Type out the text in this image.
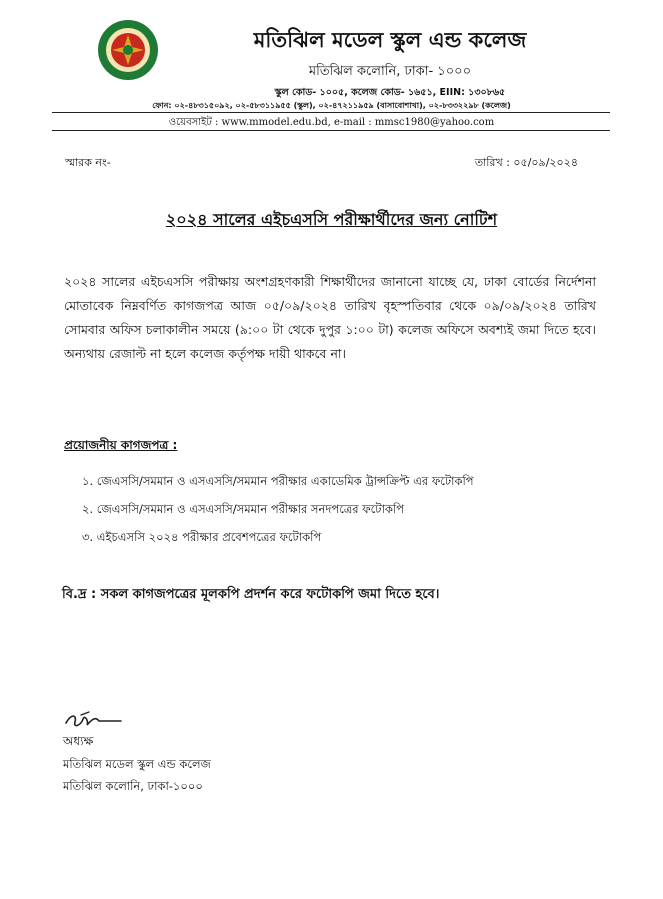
মতিঝিল মডেল স্কুল এন্ড কলেজ
মতিঝিল কলোনি, ঢাকা- ১০০০
স্কুল কোড- ১০০৫, কলেজ কোড- ১৬৫১, EIIN: ১৩০৮৬৫
ফোন: ০২-৪৮৩১৫০৯২, ০২-৫৮৩১১৯৫৫ (স্কুল), ০২-৪৭২১১৯৫৯ (বাসাবোশাখা), ০২-৮৩৩২২৯৮ (কলেজ)
ওয়েবসাইট : www.mmodel.edu.bd, e-mail : mmsc1980@yahoo.com
স্মারক নং-	তারিখ : ০৫/০৯/২০২৪
২০২৪ সালের এইচএসসি পরীক্ষার্থীদের জন্য নোটিশ

২০২৪ সালের এইচএসসি পরীক্ষায় অংশগ্রহণকারী শিক্ষার্থীদের জানানো যাচ্ছে যে, ঢাকা বোর্ডের নির্দেশনা মোতাবেক নিম্নবর্ণিত কাগজপত্র আজ ০৫/০৯/২০২৪ তারিখ বৃহস্পতিবার থেকে ০৯/০৯/২০২৪ তারিখ সোমবার অফিস চলাকালীন সময়ে (৯:০০ টা থেকে দুপুর ১:০০ টা) কলেজ অফিসে অবশ্যই জমা দিতে হবে। অন্যথায় রেজাল্ট না হলে কলেজ কর্তৃপক্ষ দায়ী থাকবে না।

প্রয়োজনীয় কাগজপত্র :
১. জেএসসি/সমমান ও এসএসসি/সমমান পরীক্ষার একাডেমিক ট্রান্সক্রিপ্ট এর ফটোকপি
২. জেএসসি/সমমান ও এসএসসি/সমমান পরীক্ষার সনদপত্রের ফটোকপি
৩. এইচএসসি ২০২৪ পরীক্ষার প্রবেশপত্রের ফটোকপি
বি.দ্র : সকল কাগজপত্রের মূলকপি প্রদর্শন করে ফটোকপি জমা দিতে হবে।
অধ্যক্ষ
মতিঝিল মডেল স্কুল এন্ড কলেজ
মতিঝিল কলোনি, ঢাকা-১০০০
